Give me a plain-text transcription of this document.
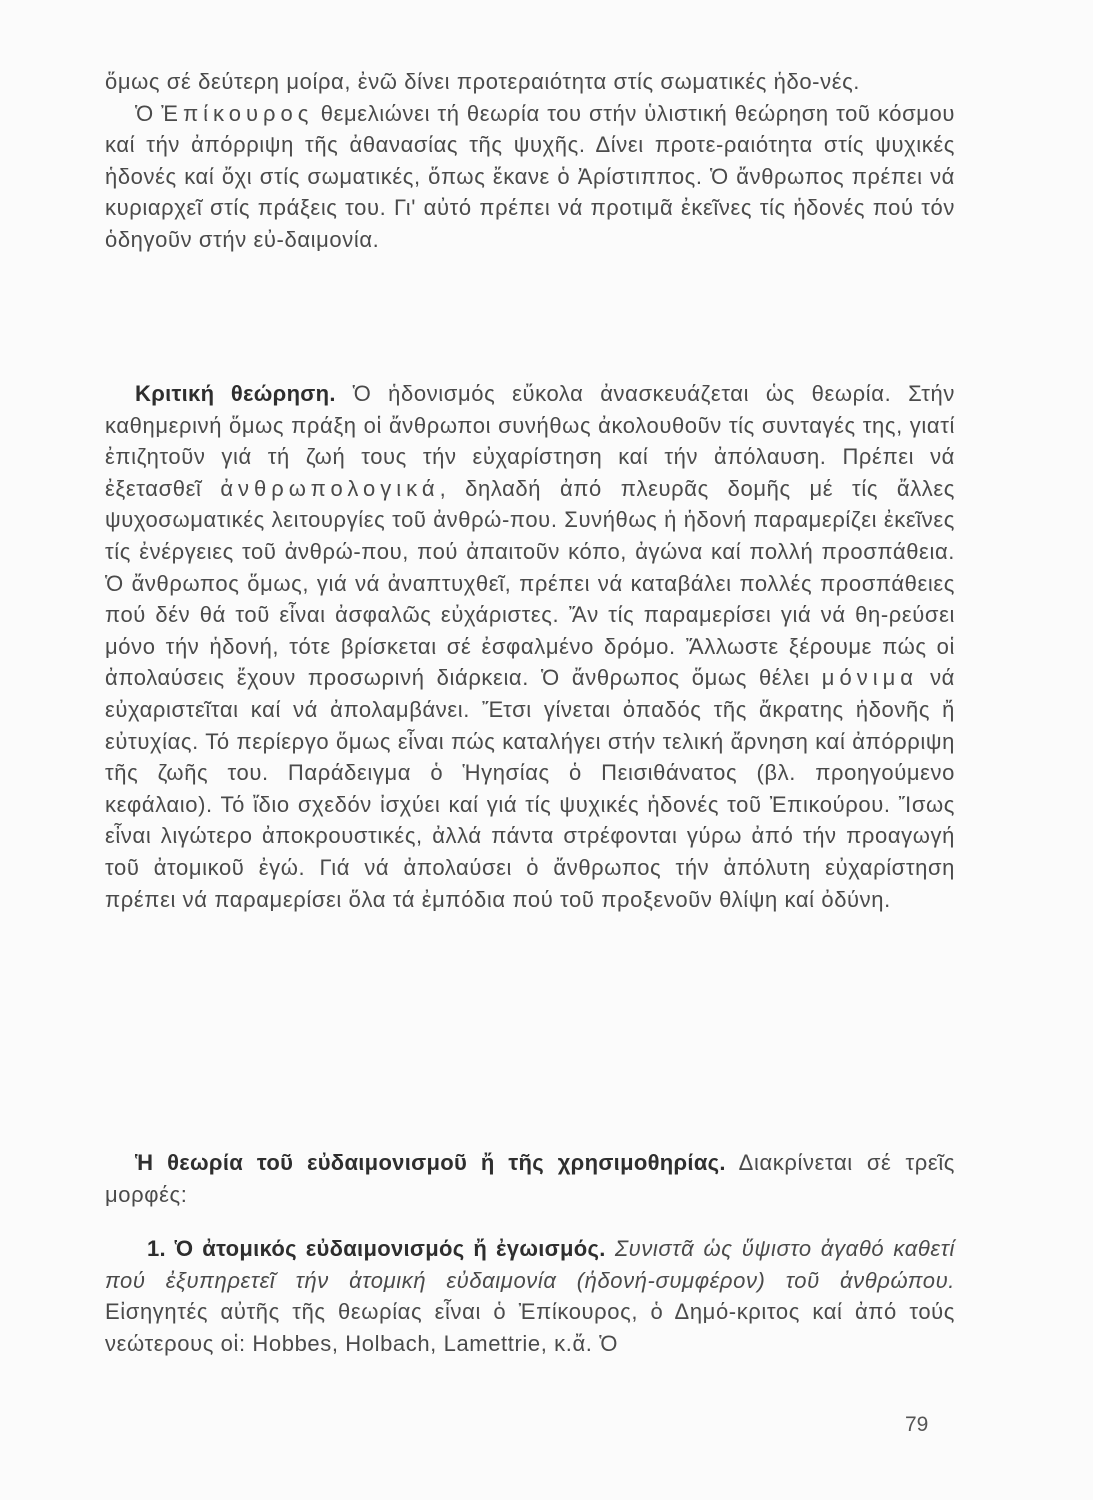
ὅμως σέ δεύτερη μοίρα, ἐνῶ δίνει προτεραιότητα στίς σωματικές ἡδο-νές.
Ὁ Ἐπίκουρος θεμελιώνει τή θεωρία του στήν ὑλιστική θεώρηση τοῦ κόσμου καί τήν ἀπόρριψη τῆς ἀθανασίας τῆς ψυχῆς. Δίνει προτε-ραιότητα στίς ψυχικές ἡδονές καί ὄχι στίς σωματικές, ὅπως ἔκανε ὁ Ἀρίστιππος. Ὁ ἄνθρωπος πρέπει νά κυριαρχεῖ στίς πράξεις του. Γι' αὐτό πρέπει νά προτιμᾶ ἐκεῖνες τίς ἡδονές πού τόν ὁδηγοῦν στήν εὐ-δαιμονία.
Κριτική θεώρηση. Ὁ ἡδονισμός εὔκολα ἀνασκευάζεται ὡς θεωρία. Στήν καθημερινή ὅμως πράξη οἱ ἄνθρωποι συνήθως ἀκολουθοῦν τίς συνταγές της, γιατί ἐπιζητοῦν γιά τή ζωή τους τήν εὐχαρίστηση καί τήν ἀπόλαυση. Πρέπει νά ἐξετασθεῖ ἀνθρωπολογικά, δηλαδή ἀπό πλευρᾶς δομῆς μέ τίς ἄλλες ψυχοσωματικές λειτουργίες τοῦ ἀνθρώ-που. Συνήθως ἡ ἡδονή παραμερίζει ἐκεῖνες τίς ἐνέργειες τοῦ ἀνθρώ-που, πού ἀπαιτοῦν κόπο, ἀγώνα καί πολλή προσπάθεια. Ὁ ἄνθρωπος ὅμως, γιά νά ἀναπτυχθεῖ, πρέπει νά καταβάλει πολλές προσπάθειες πού δέν θά τοῦ εἶναι ἀσφαλῶς εὐχάριστες. Ἄν τίς παραμερίσει γιά νά θη-ρεύσει μόνο τήν ἡδονή, τότε βρίσκεται σέ ἐσφαλμένο δρόμο. Ἄλλωστε ξέρουμε πώς οἱ ἀπολαύσεις ἔχουν προσωρινή διάρκεια. Ὁ ἄνθρωπος ὅμως θέλει μόνιμα νά εὐχαριστεῖται καί νά ἀπολαμβάνει. Ἔτσι γίνεται ὀπαδός τῆς ἄκρατης ἡδονῆς ἤ εὐτυχίας. Τό περίεργο ὅμως εἶναι πώς καταλήγει στήν τελική ἄρνηση καί ἀπόρριψη τῆς ζωῆς του. Παράδειγμα ὁ Ἡγησίας ὁ Πεισιθάνατος (βλ. προηγούμενο κεφάλαιο). Τό ἴδιο σχεδόν ἰσχύει καί γιά τίς ψυχικές ἡδονές τοῦ Ἐπικούρου. Ἴσως εἶναι λιγώτερο ἀποκρουστικές, ἀλλά πάντα στρέφονται γύρω ἀπό τήν προαγωγή τοῦ ἀτομικοῦ ἐγώ. Γιά νά ἀπολαύσει ὁ ἄνθρωπος τήν ἀπόλυτη εὐχαρίστηση πρέπει νά παραμερίσει ὅλα τά ἐμπόδια πού τοῦ προξενοῦν θλίψη καί ὀδύνη.
Ἡ θεωρία τοῦ εὐδαιμονισμοῦ ἤ τῆς χρησιμοθηρίας. Διακρίνεται σέ τρεῖς μορφές:
1. Ὁ ἀτομικός εὐδαιμονισμός ἤ ἐγωισμός. Συνιστᾶ ὡς ὕψιστο ἀγαθό καθετί πού ἐξυπηρετεῖ τήν ἀτομική εὐδαιμονία (ἡδονή-συμφέρον) τοῦ ἀνθρώπου. Εἰσηγητές αὐτῆς τῆς θεωρίας εἶναι ὁ Ἐπίκουρος, ὁ Δημό-κριτος καί ἀπό τούς νεώτερους οἱ: Hobbes, Holbach, Lamettrie, κ.ἄ. Ὁ
79
